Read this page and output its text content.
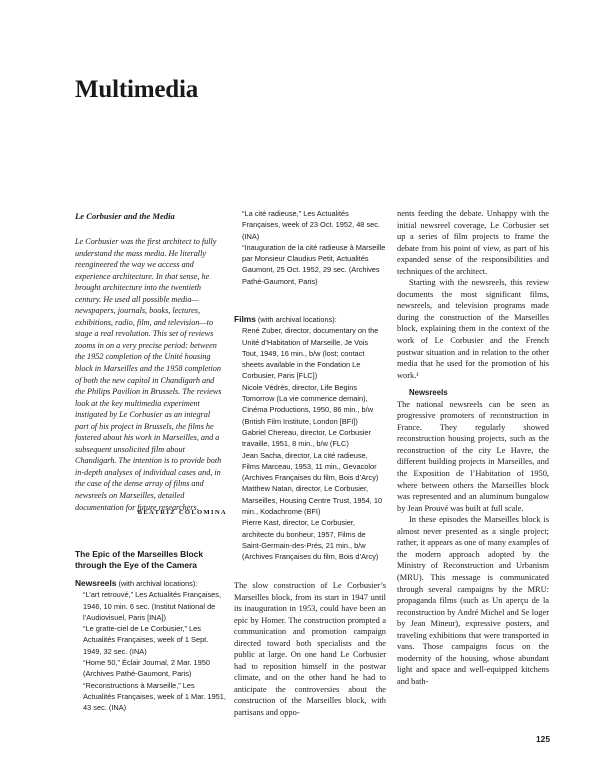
Multimedia
Le Corbusier and the Media
Le Corbusier was the first architect to fully understand the mass media. He literally reengineered the way we access and experience architecture. In that sense, he brought architecture into the twentieth century. He used all possible media—newspapers, journals, books, lectures, exhibitions, radio, film, and television—to stage a real revolution. This set of reviews zooms in on a very precise period: between the 1952 completion of the Unité housing block in Marseilles and the 1958 completion of both the new capitol in Chandigarh and the Philips Pavilion in Brussels. The reviews look at the key multimedia experiment instigated by Le Corbusier as an integral part of his project in Brussels, the films he fostered about his work in Marseilles, and a subsequent unsolicited film about Chandigarh. The intention is to provide both in-depth analyses of individual cases and, in the case of the dense array of films and newsreels on Marseilles, detailed documentation for future researchers.
BEATRIZ COLOMINA
The Epic of the Marseilles Block
through the Eye of the Camera
Newsreels (with archival locations):

“L’art retrouvé,” Les Actualités Françaises, 1946, 10 min. 6 sec. (Institut National de l’Audiovisuel, Paris [INA])

“Le gratte-ciel de Le Corbusier,” Les Actualités Françaises, week of 1 Sept. 1949, 32 sec. (INA)

“Home 50,” Éclair Journal, 2 Mar. 1950 (Archives Pathé-Gaumont, Paris)

“Reconstructions à Marseille,” Les Actualités Françaises, week of 1 Mar. 1951, 43 sec. (INA)

“La cité radieuse,” Les Actualités Françaises, week of 23 Oct. 1952, 48 sec. (INA)

“Inauguration de la cité radieuse à Marseille par Monsieur Claudius Petit, Actualités Gaumont, 25 Oct. 1952, 29 sec. (Archives Pathé-Gaumont, Paris)

Films (with archival locations):

René Zuber, director, documentary on the Unité d’Habitation of Marseille, Je Vois Tout, 1949, 16 min., b/w (lost; contact sheets available in the Fondation Le Corbusier, Paris [FLC])

Nicole Védrès, director, Life Begins Tomorrow (La vie commence demain), Cinéma Productions, 1950, 86 min., b/w (British Film Institute, London [BFI])

Gabriel Chereau, director, Le Corbusier travaille, 1951, 8 min., b/w (FLC)

Jean Sacha, director, La cité radieuse, Films Marceau, 1953, 11 min., Gevacolor (Archives Françaises du film, Bois d’Arcy)

Matthew Natan, director, Le Corbusier, Marseilles, Housing Centre Trust, 1954, 10 min., Kodachrome (BFI)

Pierre Kast, director, Le Corbusier, architecte du bonheur, 1957, Films de Saint-Germain-des-Prés, 21 min., b/w (Archives Françaises du film, Bois d’Arcy)

The slow construction of Le Corbusier’s Marseilles block, from its start in 1947 until its inauguration in 1953, could have been an epic by Homer. The construction prompted a communication and promotion campaign directed toward both specialists and the public at large. On one hand Le Corbusier had to reposition himself in the postwar climate, and on the other hand he had to anticipate the controversies about the construction of the Marseilles block, with partisans and oppo-

nents feeding the debate. Unhappy with the initial newsreel coverage, Le Corbusier set up a series of film projects to frame the debate from his point of view, as part of his expanded sense of the responsibilities and techniques of the architect.

Starting with the newsreels, this review documents the most significant films, newsreels, and television programs made during the construction of the Marseilles block, explaining them in the context of the work of Le Corbusier and the French postwar situation and in relation to the other media that he used for the promotion of his work.¹

Newsreels

The national newsreels can be seen as progressive promoters of reconstruction in France. They regularly showed reconstruction housing projects, such as the reconstruction of the city Le Havre, the different building projects in Marseilles, and the Exposition de l’Habitation of 1950, where between others the Marseilles block was represented and an aluminum bungalow by Jean Prouvé was built at full scale.

In these episodes the Marseilles block is almost never presented as a single project; rather, it appears as one of many examples of the modern approach adopted by the Ministry of Reconstruction and Urbanism (MRU). This message is communicated through several campaigns by the MRU: propaganda films (such as Un aperçu de la reconstruction by André Michel and Se loger by Jean Mineur), expressive posters, and traveling exhibitions that were transported in vans. Those campaigns focus on the modernity of the housing, whose abundant light and space and well-equipped kitchens and bath-

125
